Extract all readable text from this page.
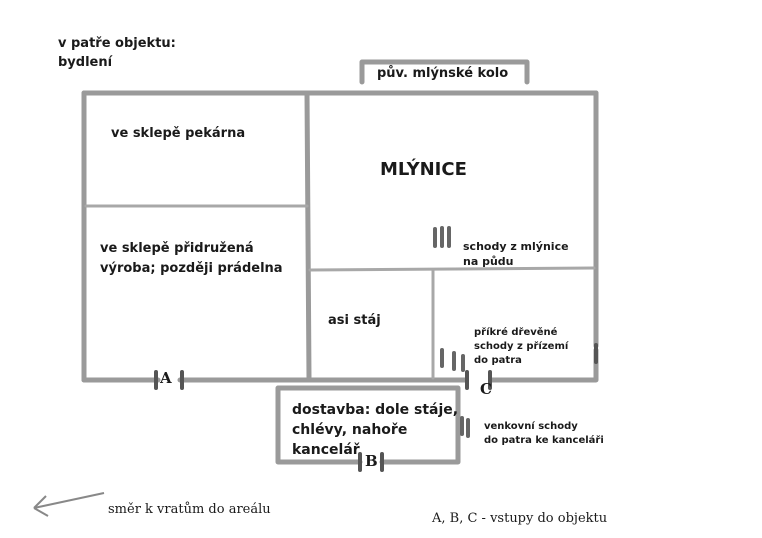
v patře objektu:
bydlení
pův. mlýnské kolo
ve sklepě pekárna
MLÝNICE
ve sklepě přidružená
výroba; později prádelna
schody z mlýnice
na půdu
asi stáj
příkré dřevěné
schody z přízemí
do patra
dostavba: dole stáje,
chlévy, nahoře
kancelář
venkovní schody
do patra ke kanceláři
A
B
C
směr k vratům do areálu
A, B, C - vstupy do objektu
